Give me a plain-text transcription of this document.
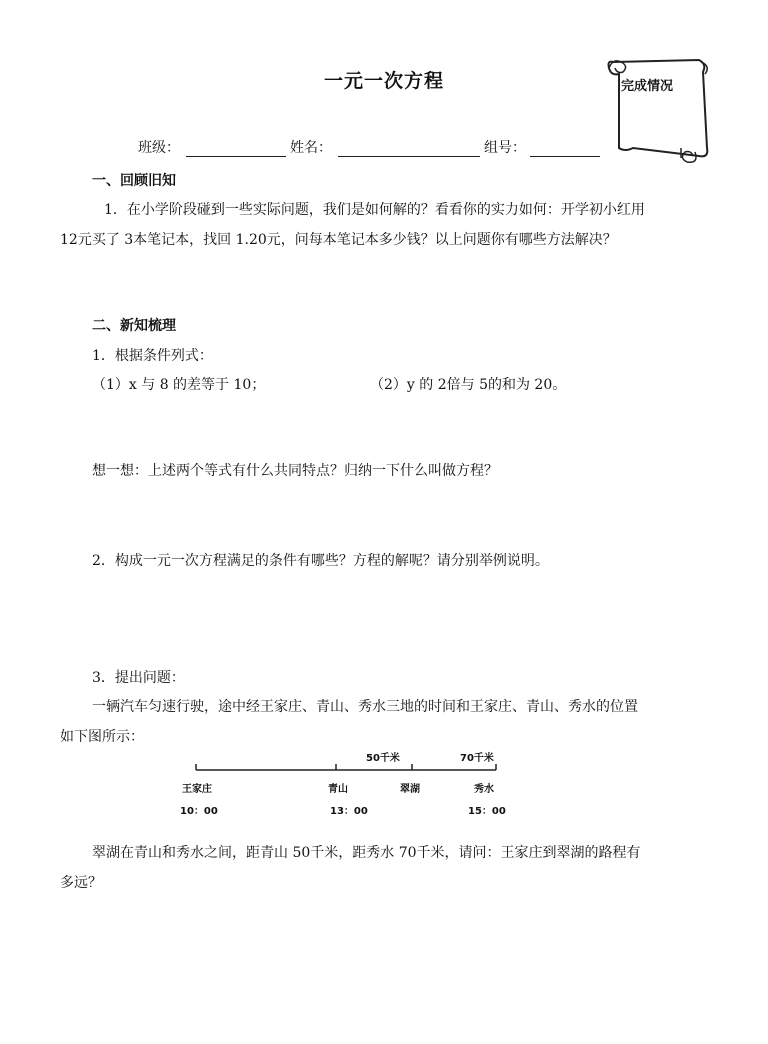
一元一次方程	完成情况
班级：	姓名：	组号：
一、回顾旧知
1．在小学阶段碰到一些实际问题，我们是如何解的？看看你的实力如何：开学初小红用
12元买了 3本笔记本，找回 1.20元，问每本笔记本多少钱？以上问题你有哪些方法解决？
二、新知梳理
1．根据条件列式：
（1）x 与 8 的差等于 10；	（2）y 的 2倍与 5的和为 20。
想一想：上述两个等式有什么共同特点？归纳一下什么叫做方程？
2．构成一元一次方程满足的条件有哪些？方程的解呢？请分别举例说明。
3．提出问题：
一辆汽车匀速行驶，途中经王家庄、青山、秀水三地的时间和王家庄、青山、秀水的位置
如下图所示：
50千米	70千米
王家庄	青山	翠湖	秀水
10：00	13：00	15：00
翠湖在青山和秀水之间，距青山 50千米，距秀水 70千米，请问：王家庄到翠湖的路程有
多远？
